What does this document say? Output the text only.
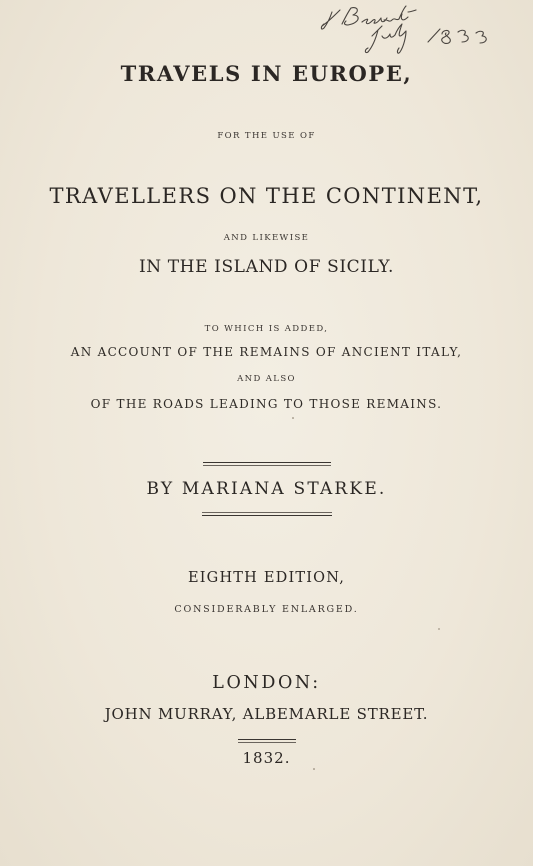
TRAVELS IN EUROPE,
FOR THE USE OF
TRAVELLERS ON THE CONTINENT,
AND LIKEWISE
IN THE ISLAND OF SICILY.
TO WHICH IS ADDED,
AN ACCOUNT OF THE REMAINS OF ANCIENT ITALY,
AND ALSO
OF THE ROADS LEADING TO THOSE REMAINS.
BY MARIANA STARKE.
EIGHTH EDITION,
CONSIDERABLY ENLARGED.
LONDON:
JOHN MURRAY, ALBEMARLE STREET.
1832.
